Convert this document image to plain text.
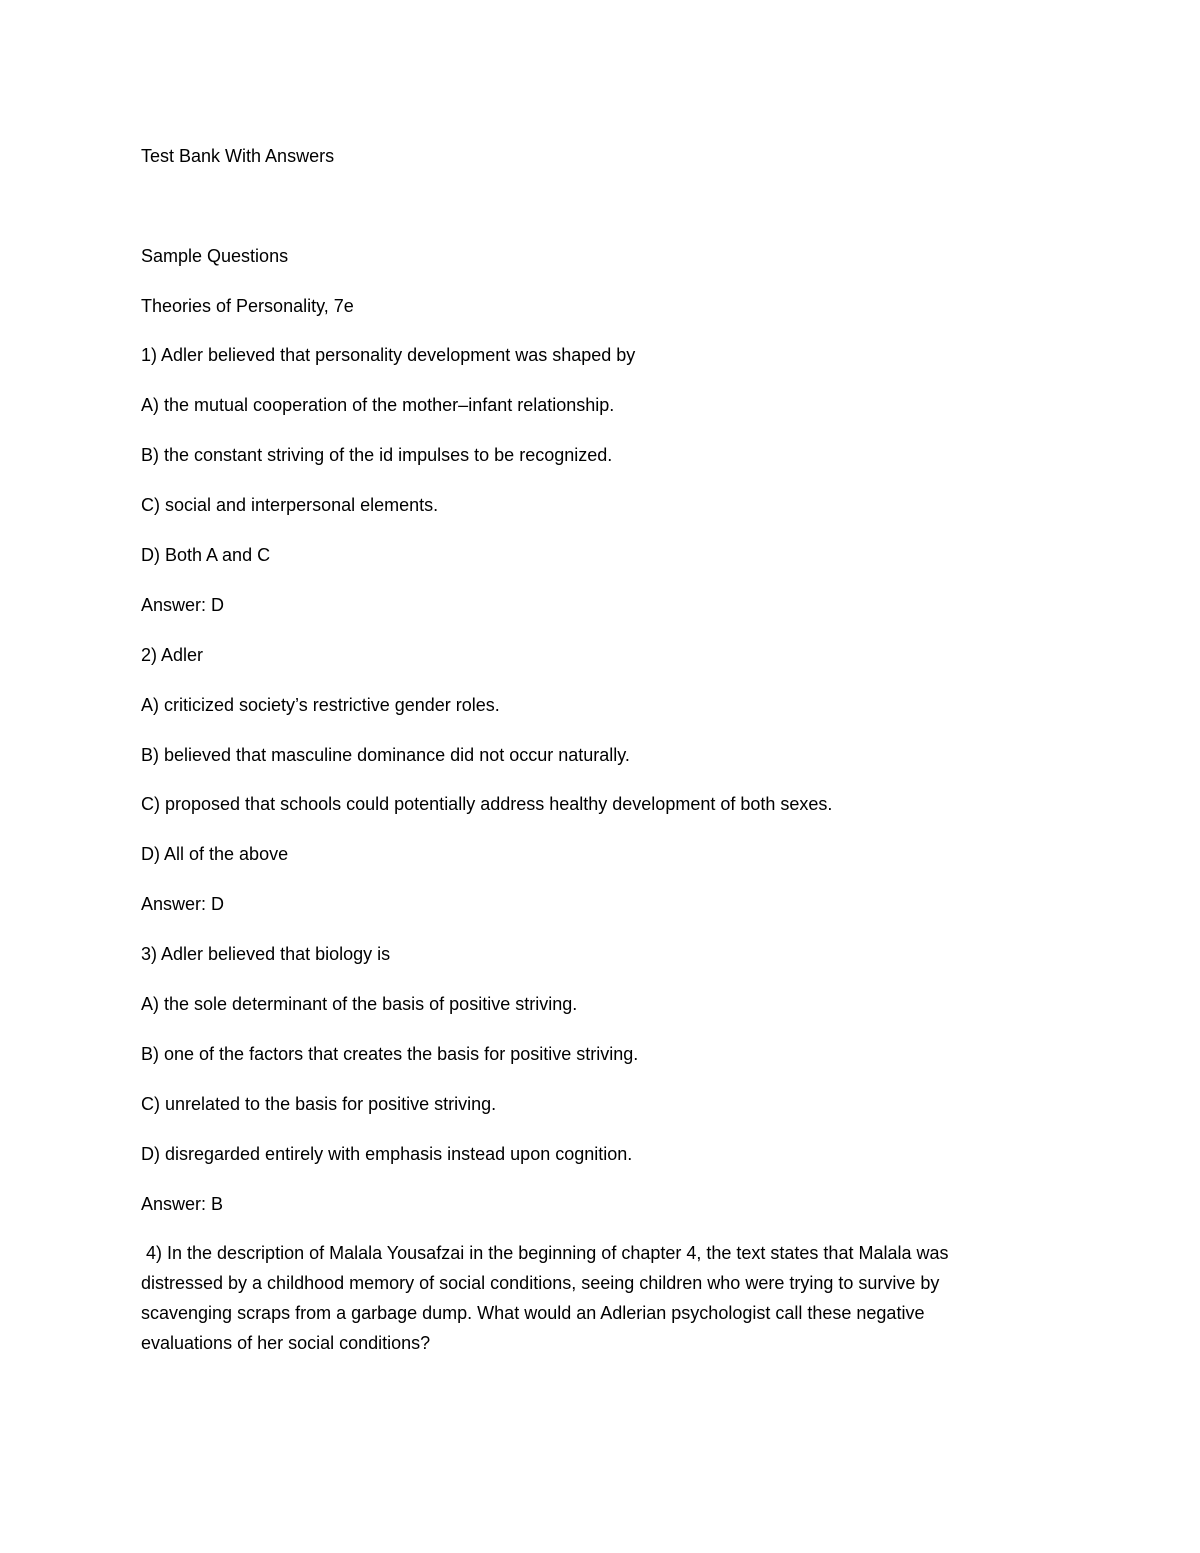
Test Bank With Answers
Sample Questions
Theories of Personality, 7e
1) Adler believed that personality development was shaped by
A) the mutual cooperation of the mother–infant relationship.
B) the constant striving of the id impulses to be recognized.
C) social and interpersonal elements.
D) Both A and C
Answer: D
2) Adler
A) criticized society’s restrictive gender roles.
B) believed that masculine dominance did not occur naturally.
C) proposed that schools could potentially address healthy development of both sexes.
D) All of the above
Answer: D
3) Adler believed that biology is
A) the sole determinant of the basis of positive striving.
B) one of the factors that creates the basis for positive striving.
C) unrelated to the basis for positive striving.
D) disregarded entirely with emphasis instead upon cognition.
Answer: B
4) In the description of Malala Yousafzai in the beginning of chapter 4, the text states that Malala was
distressed by a childhood memory of social conditions, seeing children who were trying to survive by
scavenging scraps from a garbage dump. What would an Adlerian psychologist call these negative
evaluations of her social conditions?
